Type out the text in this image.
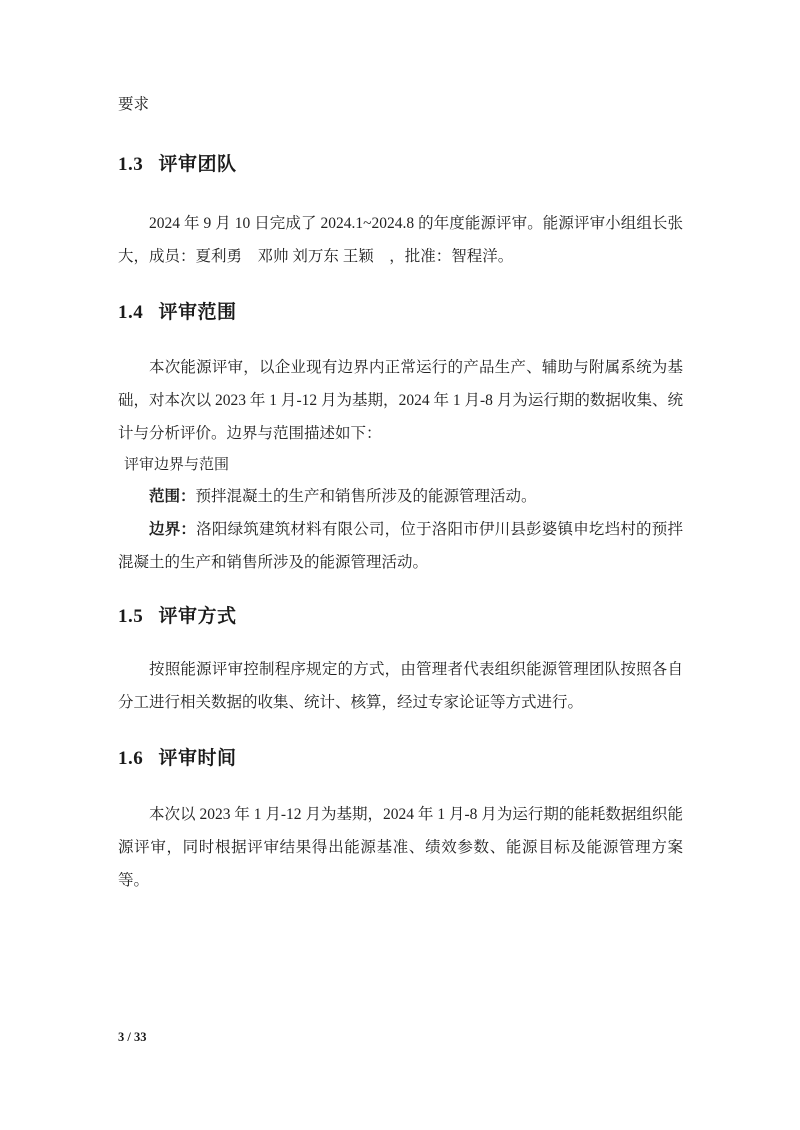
要求

1.3 评审团队

2024 年 9 月 10 日完成了 2024.1~2024.8 的年度能源评审。能源评审小组组长张大，成员：夏利勇　邓帅 刘万东 王颖　，批准：智程洋。

1.4 评审范围

本次能源评审，以企业现有边界内正常运行的产品生产、辅助与附属系统为基础，对本次以 2023 年 1 月-12 月为基期，2024 年 1 月-8 月为运行期的数据收集、统计与分析评价。边界与范围描述如下：

评审边界与范围

范围：预拌混凝土的生产和销售所涉及的能源管理活动。

边界：洛阳绿筑建筑材料有限公司，位于洛阳市伊川县彭婆镇申圪垱村的预拌混凝土的生产和销售所涉及的能源管理活动。

1.5 评审方式

按照能源评审控制程序规定的方式，由管理者代表组织能源管理团队按照各自分工进行相关数据的收集、统计、核算，经过专家论证等方式进行。

1.6 评审时间

本次以 2023 年 1 月-12 月为基期，2024 年 1 月-8 月为运行期的能耗数据组织能源评审，同时根据评审结果得出能源基准、绩效参数、能源目标及能源管理方案等。

3 / 33
